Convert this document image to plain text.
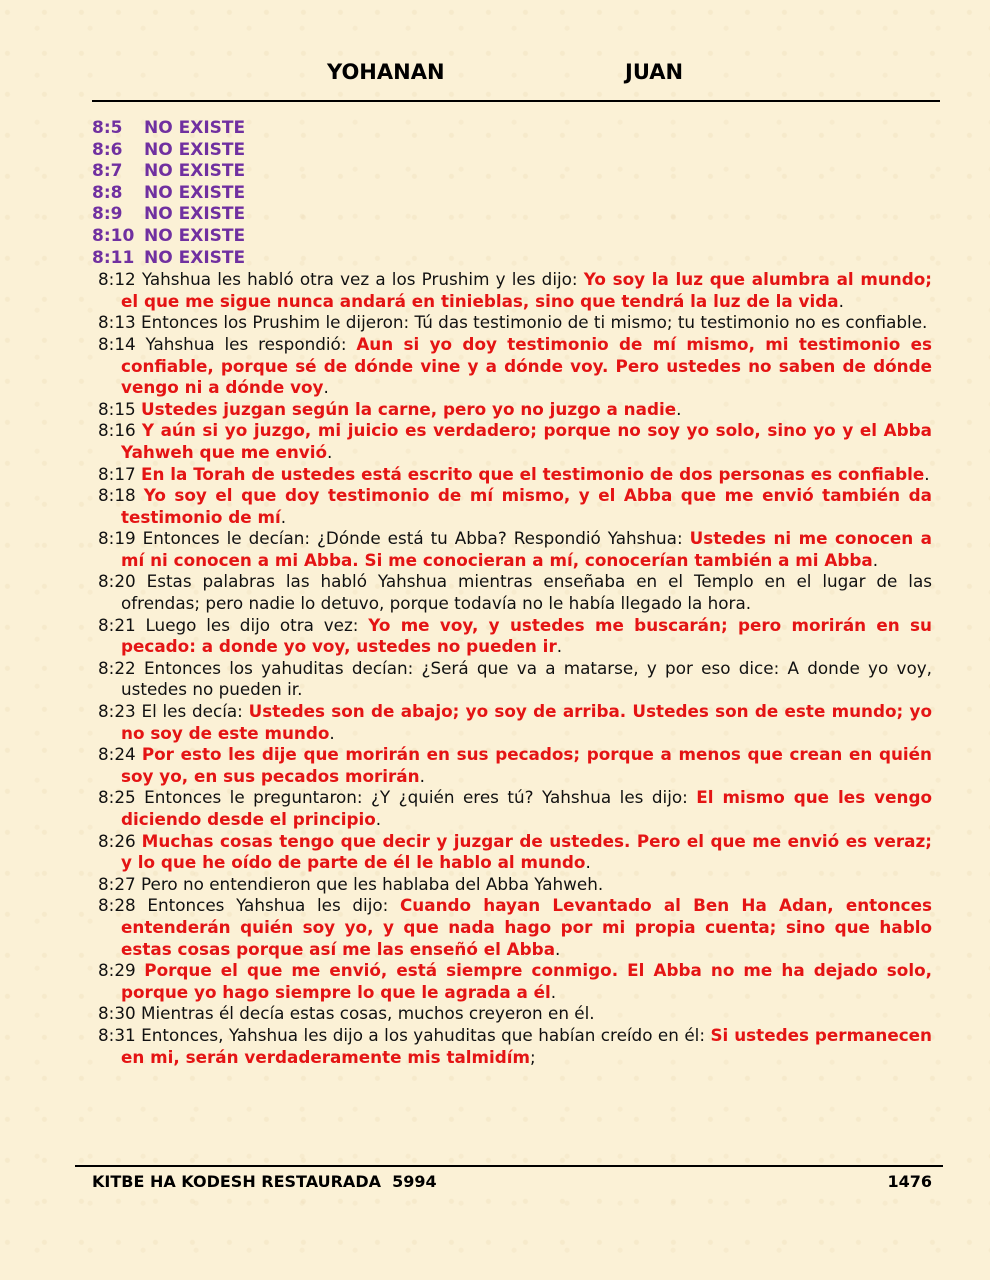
YOHANAN	JUAN
8:5 NO EXISTE
8:6 NO EXISTE
8:7 NO EXISTE
8:8 NO EXISTE
8:9 NO EXISTE
8:10 NO EXISTE
8:11 NO EXISTE

8:12 Yahshua les habló otra vez a los Prushim y les dijo: Yo soy la luz que alumbra al mundo; el que me sigue nunca andará en tinieblas, sino que tendrá la luz de la vida.

8:13 Entonces los Prushim le dijeron: Tú das testimonio de ti mismo; tu testimonio no es confiable.

8:14 Yahshua les respondió: Aun si yo doy testimonio de mí mismo, mi testimonio es confiable, porque sé de dónde vine y a dónde voy. Pero ustedes no saben de dónde vengo ni a dónde voy.

8:15 Ustedes juzgan según la carne, pero yo no juzgo a nadie.

8:16 Y aún si yo juzgo, mi juicio es verdadero; porque no soy yo solo, sino yo y el Abba Yahweh que me envió.

8:17 En la Torah de ustedes está escrito que el testimonio de dos personas es confiable.

8:18 Yo soy el que doy testimonio de mí mismo, y el Abba que me envió también da testimonio de mí.

8:19 Entonces le decían: ¿Dónde está tu Abba? Respondió Yahshua: Ustedes ni me conocen a mí ni conocen a mi Abba. Si me conocieran a mí, conocerían también a mi Abba.

8:20 Estas palabras las habló Yahshua mientras enseñaba en el Templo en el lugar de las ofrendas; pero nadie lo detuvo, porque todavía no le había llegado la hora.

8:21 Luego les dijo otra vez: Yo me voy, y ustedes me buscarán; pero morirán en su pecado: a donde yo voy, ustedes no pueden ir.

8:22 Entonces los yahuditas decían: ¿Será que va a matarse, y por eso dice: A donde yo voy, ustedes no pueden ir.

8:23 El les decía: Ustedes son de abajo; yo soy de arriba. Ustedes son de este mundo; yo no soy de este mundo.

8:24 Por esto les dije que morirán en sus pecados; porque a menos que crean en quién soy yo, en sus pecados morirán.

8:25 Entonces le preguntaron: ¿Y ¿quién eres tú? Yahshua les dijo: El mismo que les vengo diciendo desde el principio.

8:26 Muchas cosas tengo que decir y juzgar de ustedes. Pero el que me envió es veraz; y lo que he oído de parte de él le hablo al mundo.

8:27 Pero no entendieron que les hablaba del Abba Yahweh.

8:28 Entonces Yahshua les dijo: Cuando hayan Levantado al Ben Ha Adan, entonces entenderán quién soy yo, y que nada hago por mi propia cuenta; sino que hablo estas cosas porque así me las enseñó el Abba.

8:29 Porque el que me envió, está siempre conmigo. El Abba no me ha dejado solo, porque yo hago siempre lo que le agrada a él.

8:30 Mientras él decía estas cosas, muchos creyeron en él.

8:31 Entonces, Yahshua les dijo a los yahuditas que habían creído en él: Si ustedes permanecen en mi, serán verdaderamente mis talmidím;

KITBE HA KODESH RESTAURADA  5994	1476
